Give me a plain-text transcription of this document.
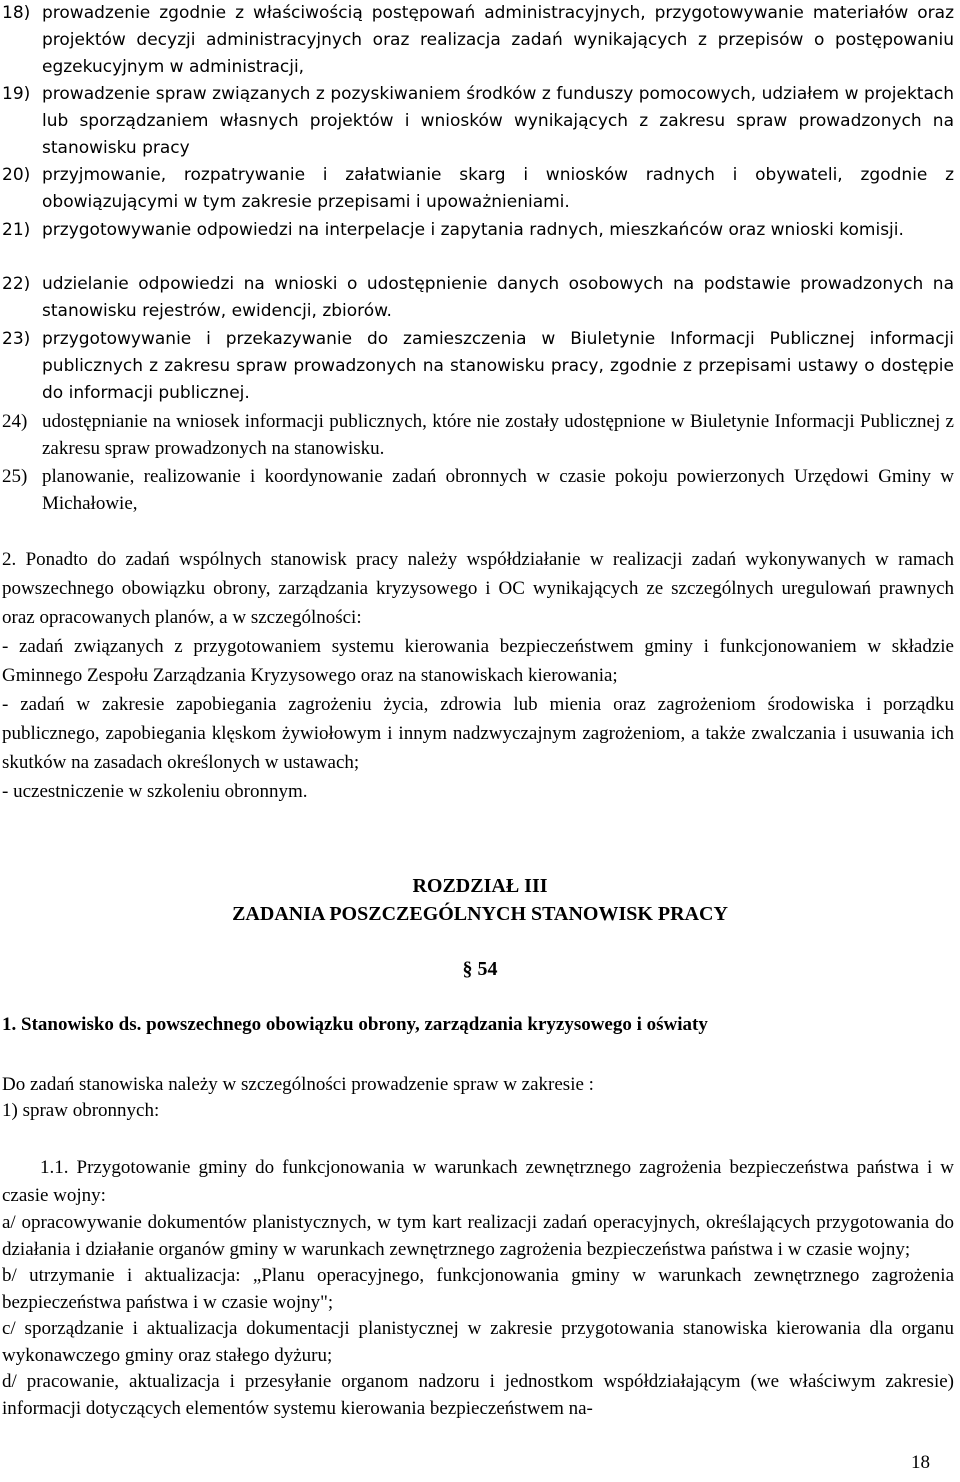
18) prowadzenie zgodnie z właściwością postępowań administracyjnych, przygotowywanie materiałów oraz projektów decyzji administracyjnych oraz realizacja zadań wynikających z przepisów o postępowaniu egzekucyjnym w administracji,
19) prowadzenie spraw związanych z pozyskiwaniem środków z funduszy pomocowych, udziałem w projektach lub sporządzaniem własnych projektów i wniosków wynikających z zakresu spraw prowadzonych na stanowisku pracy
20) przyjmowanie, rozpatrywanie i załatwianie skarg i wniosków radnych i obywateli, zgodnie z obowiązującymi w tym zakresie przepisami i upoważnieniami.
21) przygotowywanie odpowiedzi na interpelacje i zapytania radnych, mieszkańców oraz wnioski komisji.
22) udzielanie odpowiedzi na wnioski o udostępnienie danych osobowych na podstawie prowadzonych na stanowisku rejestrów, ewidencji, zbiorów.
23) przygotowywanie i przekazywanie do zamieszczenia w Biuletynie Informacji Publicznej informacji publicznych z zakresu spraw prowadzonych na stanowisku pracy, zgodnie z przepisami ustawy o dostępie do informacji publicznej.
24) udostępnianie na wniosek informacji publicznych, które nie zostały udostępnione w Biuletynie Informacji Publicznej z zakresu spraw prowadzonych na stanowisku.
25) planowanie, realizowanie i koordynowanie zadań obronnych w czasie pokoju powierzonych Urzędowi Gminy w Michałowie,
2. Ponadto do zadań wspólnych stanowisk pracy należy współdziałanie w realizacji zadań wykonywanych w ramach powszechnego obowiązku obrony, zarządzania kryzysowego i OC wynikających ze szczególnych uregulowań prawnych oraz opracowanych planów, a w szczególności:
- zadań związanych z przygotowaniem systemu kierowania bezpieczeństwem gminy i funkcjonowaniem w składzie Gminnego Zespołu Zarządzania Kryzysowego oraz na stanowiskach kierowania;
- zadań w zakresie zapobiegania zagrożeniu życia, zdrowia lub mienia oraz zagrożeniom środowiska i porządku publicznego, zapobiegania klęskom żywiołowym i innym nadzwyczajnym zagrożeniom, a także zwalczania i usuwania ich skutków na zasadach określonych w ustawach;
- uczestniczenie w szkoleniu obronnym.
ROZDZIAŁ III
ZADANIA POSZCZEGÓLNYCH STANOWISK PRACY
§ 54
1. Stanowisko ds. powszechnego obowiązku obrony, zarządzania kryzysowego i oświaty
Do zadań stanowiska należy w szczególności prowadzenie spraw w zakresie :
1) spraw obronnych:
1.1. Przygotowanie gminy do funkcjonowania w warunkach zewnętrznego zagrożenia bezpieczeństwa państwa i w czasie wojny:
a/ opracowywanie dokumentów planistycznych, w tym kart realizacji zadań operacyjnych, określających przygotowania do działania i działanie organów gminy w warunkach zewnętrznego zagrożenia bezpieczeństwa państwa i w czasie wojny;
b/ utrzymanie i aktualizacja: „Planu operacyjnego, funkcjonowania gminy w warunkach zewnętrznego zagrożenia bezpieczeństwa państwa i w czasie wojny";
c/ sporządzanie i aktualizacja dokumentacji planistycznej w zakresie przygotowania stanowiska kierowania dla organu wykonawczego gminy oraz stałego dyżuru;
d/ pracowanie, aktualizacja i przesyłanie organom nadzoru i jednostkom współdziałającym (we właściwym zakresie) informacji dotyczących elementów systemu kierowania bezpieczeństwem na-
18
